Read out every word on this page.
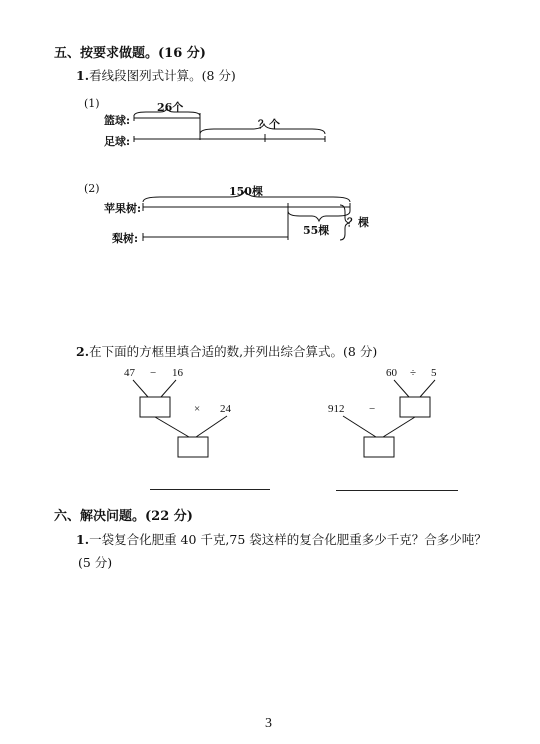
五、按要求做题。(16 分)
1.看线段图列式计算。(8 分)
(1)
篮球:
足球:
26个
？个
(2)
苹果树:
梨树:
150棵
55棵
？棵
2.在下面的方框里填合适的数,并列出综合算式。(8 分)
47 − 16
× 24
60 ÷ 5
912 −
六、解决问题。(22 分)
1.一袋复合化肥重 40 千克,75 袋这样的复合化肥重多少千克？合多少吨？
(5 分)
3
